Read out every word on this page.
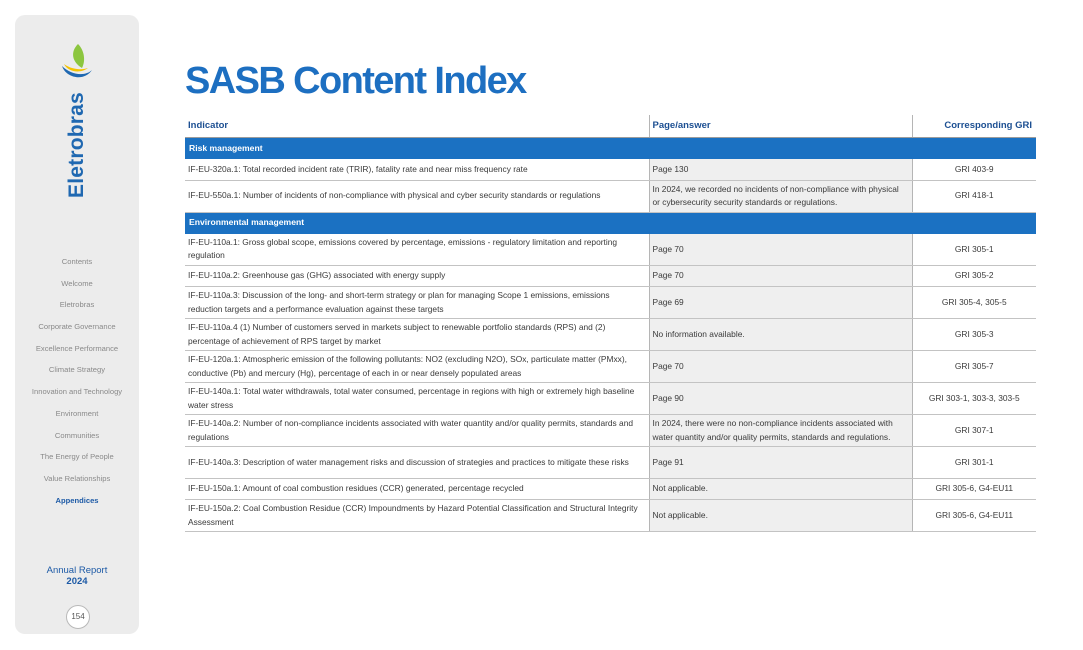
Eletrobras
Contents
Welcome
Eletrobras
Corporate Governance
Excellence Performance
Climate Strategy
Innovation and Technology
Environment
Communities
The Energy of People
Value Relationships
Appendices
Annual Report
2024
154
SASB Content Index
Indicator	Page/answer	Corresponding GRI
Risk management		
IF-EU-320a.1: Total recorded incident rate (TRIR), fatality rate and near miss frequency rate	Page 130	GRI 403-9
IF-EU-550a.1: Number of incidents of non-compliance with physical and cyber security standards or regulations	In 2024, we recorded no incidents of non-compliance with physical or cybersecurity security standards or regulations.	GRI 418-1
Environmental management		
IF-EU-110a.1: Gross global scope, emissions covered by percentage, emissions - regulatory limitation and reporting regulation	Page 70	GRI 305-1
IF-EU-110a.2: Greenhouse gas (GHG) associated with energy supply	Page 70	GRI 305-2
IF-EU-110a.3: Discussion of the long- and short-term strategy or plan for managing Scope 1 emissions, emissions reduction targets and a performance evaluation against these targets	Page 69	GRI 305-4, 305-5
IF-EU-110a.4 (1) Number of customers served in markets subject to renewable portfolio standards (RPS) and (2) percentage of achievement of RPS target by market	No information available.	GRI 305-3
IF-EU-120a.1: Atmospheric emission of the following pollutants: NO2 (excluding N2O), SOx, particulate matter (PMxx), conductive (Pb) and mercury (Hg), percentage of each in or near densely populated areas	Page 70	GRI 305-7
IF-EU-140a.1: Total water withdrawals, total water consumed, percentage in regions with high or extremely high baseline water stress	Page 90	GRI 303-1, 303-3, 303-5
IF-EU-140a.2: Number of non-compliance incidents associated with water quantity and/or quality permits, standards and regulations	In 2024, there were no non-compliance incidents associated with water quantity and/or quality permits, standards and regulations.	GRI 307-1
IF-EU-140a.3: Description of water management risks and discussion of strategies and practices to mitigate these risks	Page 91	GRI 301-1
IF-EU-150a.1: Amount of coal combustion residues (CCR) generated, percentage recycled	Not applicable.	GRI 305-6, G4-EU11
IF-EU-150a.2: Coal Combustion Residue (CCR) Impoundments by Hazard Potential Classification and Structural Integrity Assessment	Not applicable.	GRI 305-6, G4-EU11
